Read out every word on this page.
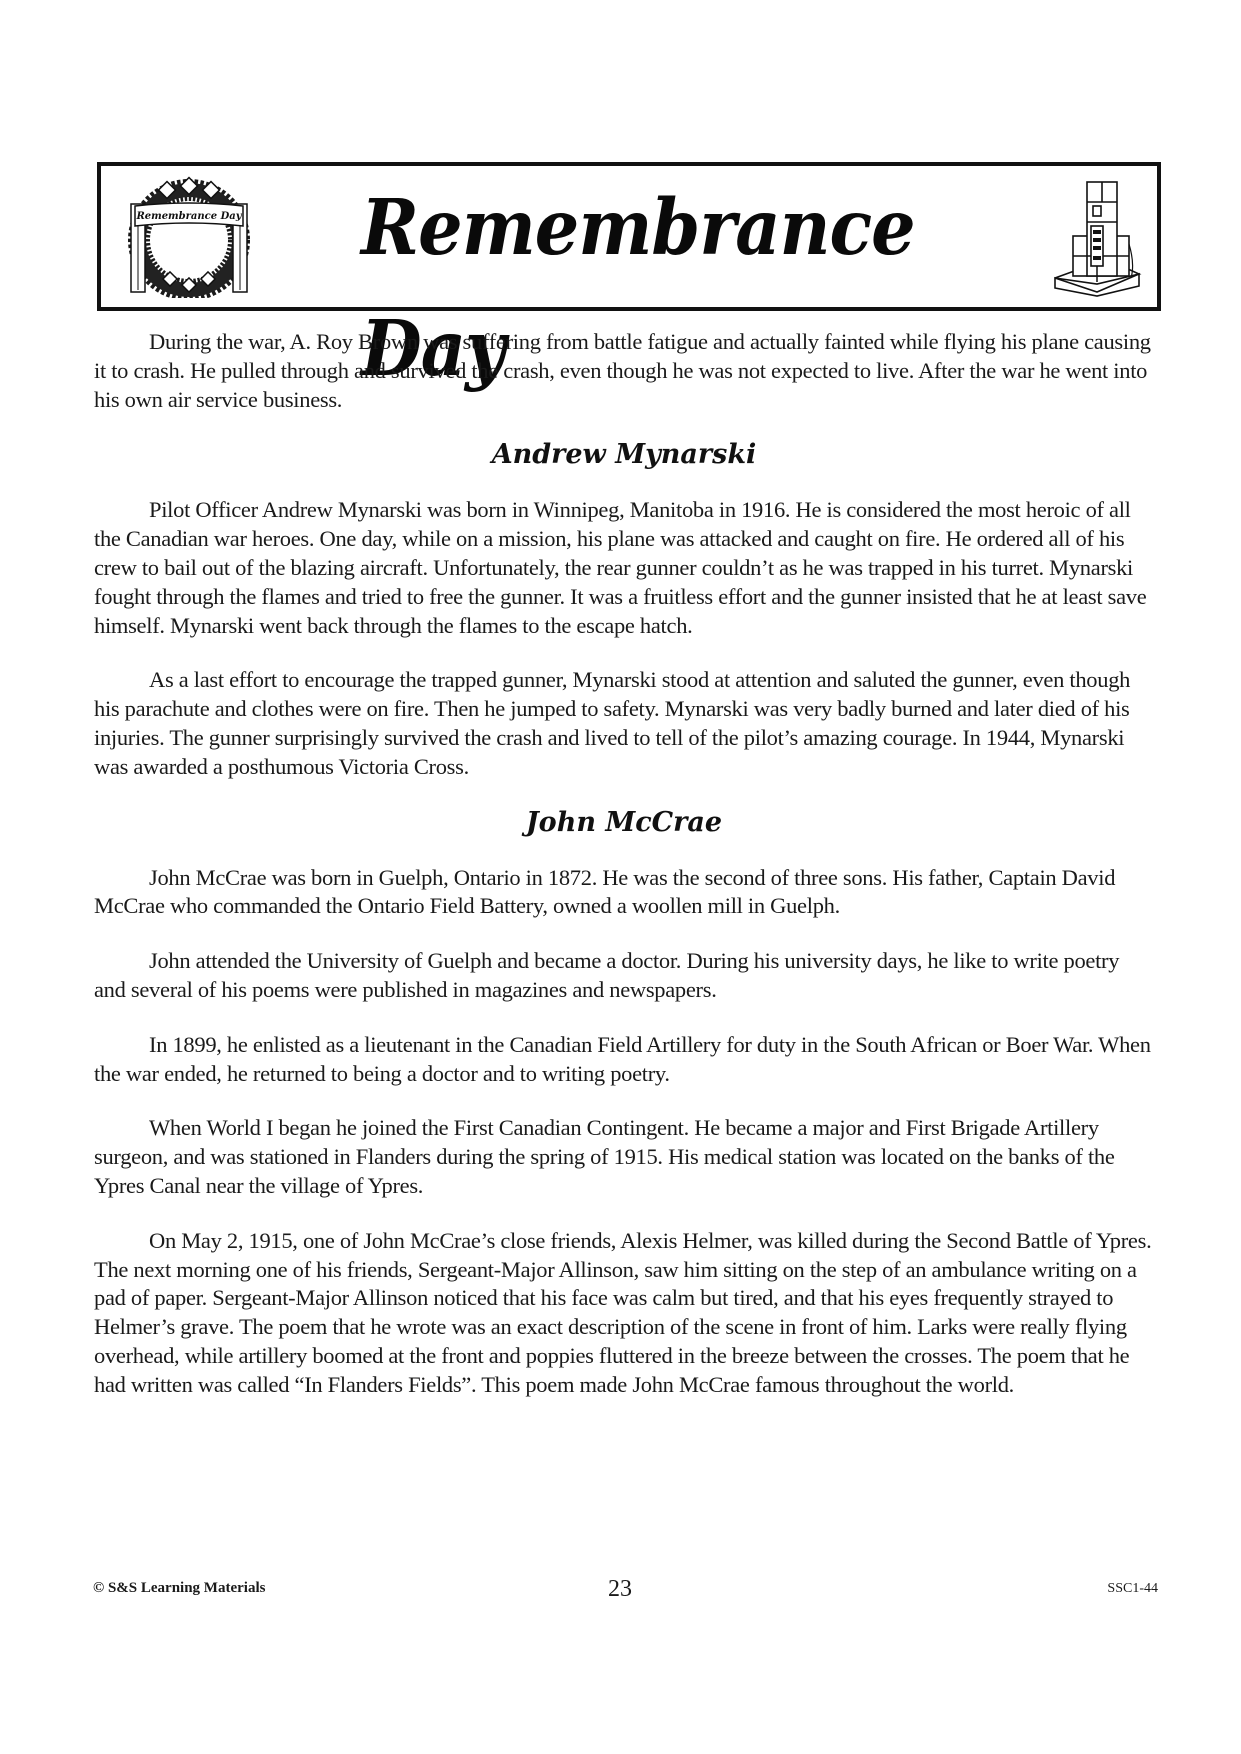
Remembrance Day	Remembrance Day

During the war, A. Roy Brown was suffering from battle fatigue and actually fainted while flying his plane causing it to crash. He pulled through and survived the crash, even though he was not expected to live. After the war he went into his own air service business.

Andrew Mynarski

Pilot Officer Andrew Mynarski was born in Winnipeg, Manitoba in 1916. He is considered the most heroic of all the Canadian war heroes. One day, while on a mission, his plane was attacked and caught on fire. He ordered all of his crew to bail out of the blazing aircraft. Unfortunately, the rear gunner couldn’t as he was trapped in his turret. Mynarski fought through the flames and tried to free the gunner. It was a fruitless effort and the gunner insisted that he at least save himself. Mynarski went back through the flames to the escape hatch.

As a last effort to encourage the trapped gunner, Mynarski stood at attention and saluted the gunner, even though his parachute and clothes were on fire. Then he jumped to safety. Mynarski was very badly burned and later died of his injuries. The gunner surprisingly survived the crash and lived to tell of the pilot’s amazing courage. In 1944, Mynarski was awarded a posthumous Victoria Cross.

John McCrae

John McCrae was born in Guelph, Ontario in 1872. He was the second of three sons. His father, Captain David McCrae who commanded the Ontario Field Battery, owned a woollen mill in Guelph.

John attended the University of Guelph and became a doctor. During his university days, he like to write poetry and several of his poems were published in magazines and newspapers.

In 1899, he enlisted as a lieutenant in the Canadian Field Artillery for duty in the South African or Boer War. When the war ended, he returned to being a doctor and to writing poetry.

When World I began he joined the First Canadian Contingent. He became a major and First Brigade Artillery surgeon, and was stationed in Flanders during the spring of 1915. His medical station was located on the banks of the Ypres Canal near the village of Ypres.

On May 2, 1915, one of John McCrae’s close friends, Alexis Helmer, was killed during the Second Battle of Ypres. The next morning one of his friends, Sergeant-Major Allinson, saw him sitting on the step of an ambulance writing on a pad of paper. Sergeant-Major Allinson noticed that his face was calm but tired, and that his eyes frequently strayed to Helmer’s grave. The poem that he wrote was an exact description of the scene in front of him. Larks were really flying overhead, while artillery boomed at the front and poppies fluttered in the breeze between the crosses. The poem that he had written was called “In Flanders Fields”. This poem made John McCrae famous throughout the world.

© S&S Learning Materials	23	SSC1-44
